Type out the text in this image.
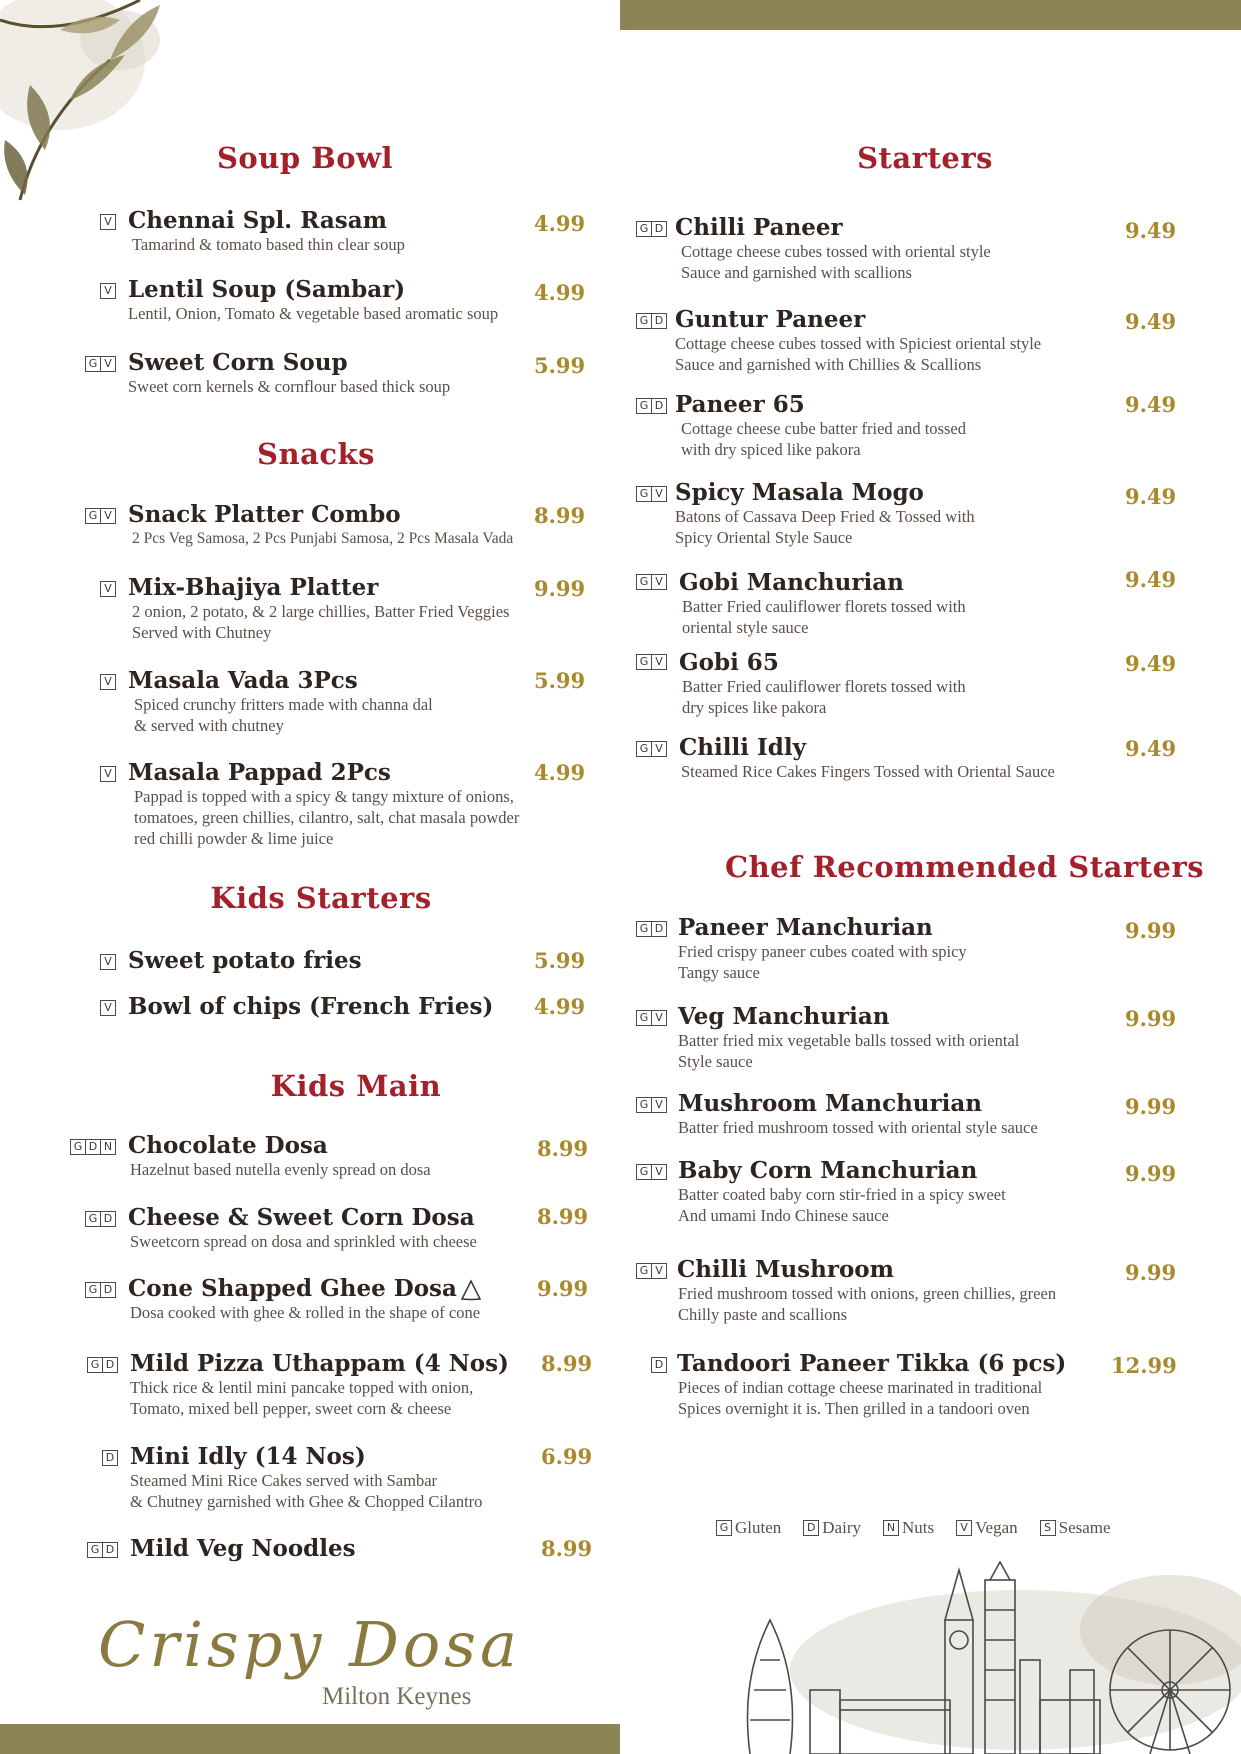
Soup Bowl
Snacks
Kids Starters
Kids Main
Starters
Chef Recommended Starters
V Chennai Spl. Rasam
Tamarind & tomato based thin clear soup
4.99
V Lentil Soup (Sambar)
Lentil, Onion, Tomato & vegetable based aromatic soup
4.99
G V Sweet Corn Soup
Sweet corn kernels & cornflour based thick soup
5.99
G V Snack Platter Combo
2 Pcs Veg Samosa, 2 Pcs Punjabi Samosa, 2 Pcs Masala Vada
8.99
V Mix-Bhajiya Platter
2 onion, 2 potato, & 2 large chillies, Batter Fried Veggies
Served with Chutney
9.99
V Masala Vada 3Pcs
Spiced crunchy fritters made with channa dal
& served with chutney
5.99
V Masala Pappad 2Pcs
Pappad is topped with a spicy & tangy mixture of onions,
tomatoes, green chillies, cilantro, salt, chat masala powder
red chilli powder & lime juice
4.99
V Sweet potato fries	5.99
V Bowl of chips (French Fries) 4.99
G D N Chocolate Dosa
Hazelnut based nutella evenly spread on dosa
8.99
G D Cheese & Sweet Corn Dosa
Sweetcorn spread on dosa and sprinkled with cheese
8.99
G D Cone Shapped Ghee Dosa
Dosa cooked with ghee & rolled in the shape of cone
9.99
G D Mild Pizza Uthappam (4 Nos)
Thick rice & lentil mini pancake topped with onion,
Tomato, mixed bell pepper, sweet corn & cheese
8.99
D Mini Idly (14 Nos)
Steamed Mini Rice Cakes served with Sambar
& Chutney garnished with Ghee & Chopped Cilantro
6.99
G D Mild Veg Noodles	8.99
G D Chilli Paneer
Cottage cheese cubes tossed with oriental style
Sauce and garnished with scallions
9.49
G D Guntur Paneer
Cottage cheese cubes tossed with Spiciest oriental style
Sauce and garnished with Chillies & Scallions
9.49
G D Paneer 65
Cottage cheese cube batter fried and tossed
with dry spiced like pakora
9.49
G V Spicy Masala Mogo
Batons of Cassava Deep Fried & Tossed with
Spicy Oriental Style Sauce
9.49
G V Gobi Manchurian
Batter Fried cauliflower florets tossed with
oriental style sauce
9.49
G V Gobi 65
Batter Fried cauliflower florets tossed with
dry spices like pakora
9.49
G V Chilli Idly
Steamed Rice Cakes Fingers Tossed with Oriental Sauce
9.49
G D Paneer Manchurian
Fried crispy paneer cubes coated with spicy
Tangy sauce
9.99
G V Veg Manchurian
Batter fried mix vegetable balls tossed with oriental
Style sauce
9.99
G V Mushroom Manchurian
Batter fried mushroom tossed with oriental style sauce
9.99
G V Baby Corn Manchurian
Batter coated baby corn stir-fried in a spicy sweet
And umami Indo Chinese sauce
9.99
G V Chilli Mushroom
Fried mushroom tossed with onions, green chillies, green
Chilly paste and scallions
9.99
D Tandoori Paneer Tikka (6 pcs)
Pieces of indian cottage cheese marinated in traditional
Spices overnight it is. Then grilled in a tandoori oven
12.99
G Gluten	D Dairy	N Nuts	V Vegan	S Sesame
Crispy Dosa
Milton Keynes
